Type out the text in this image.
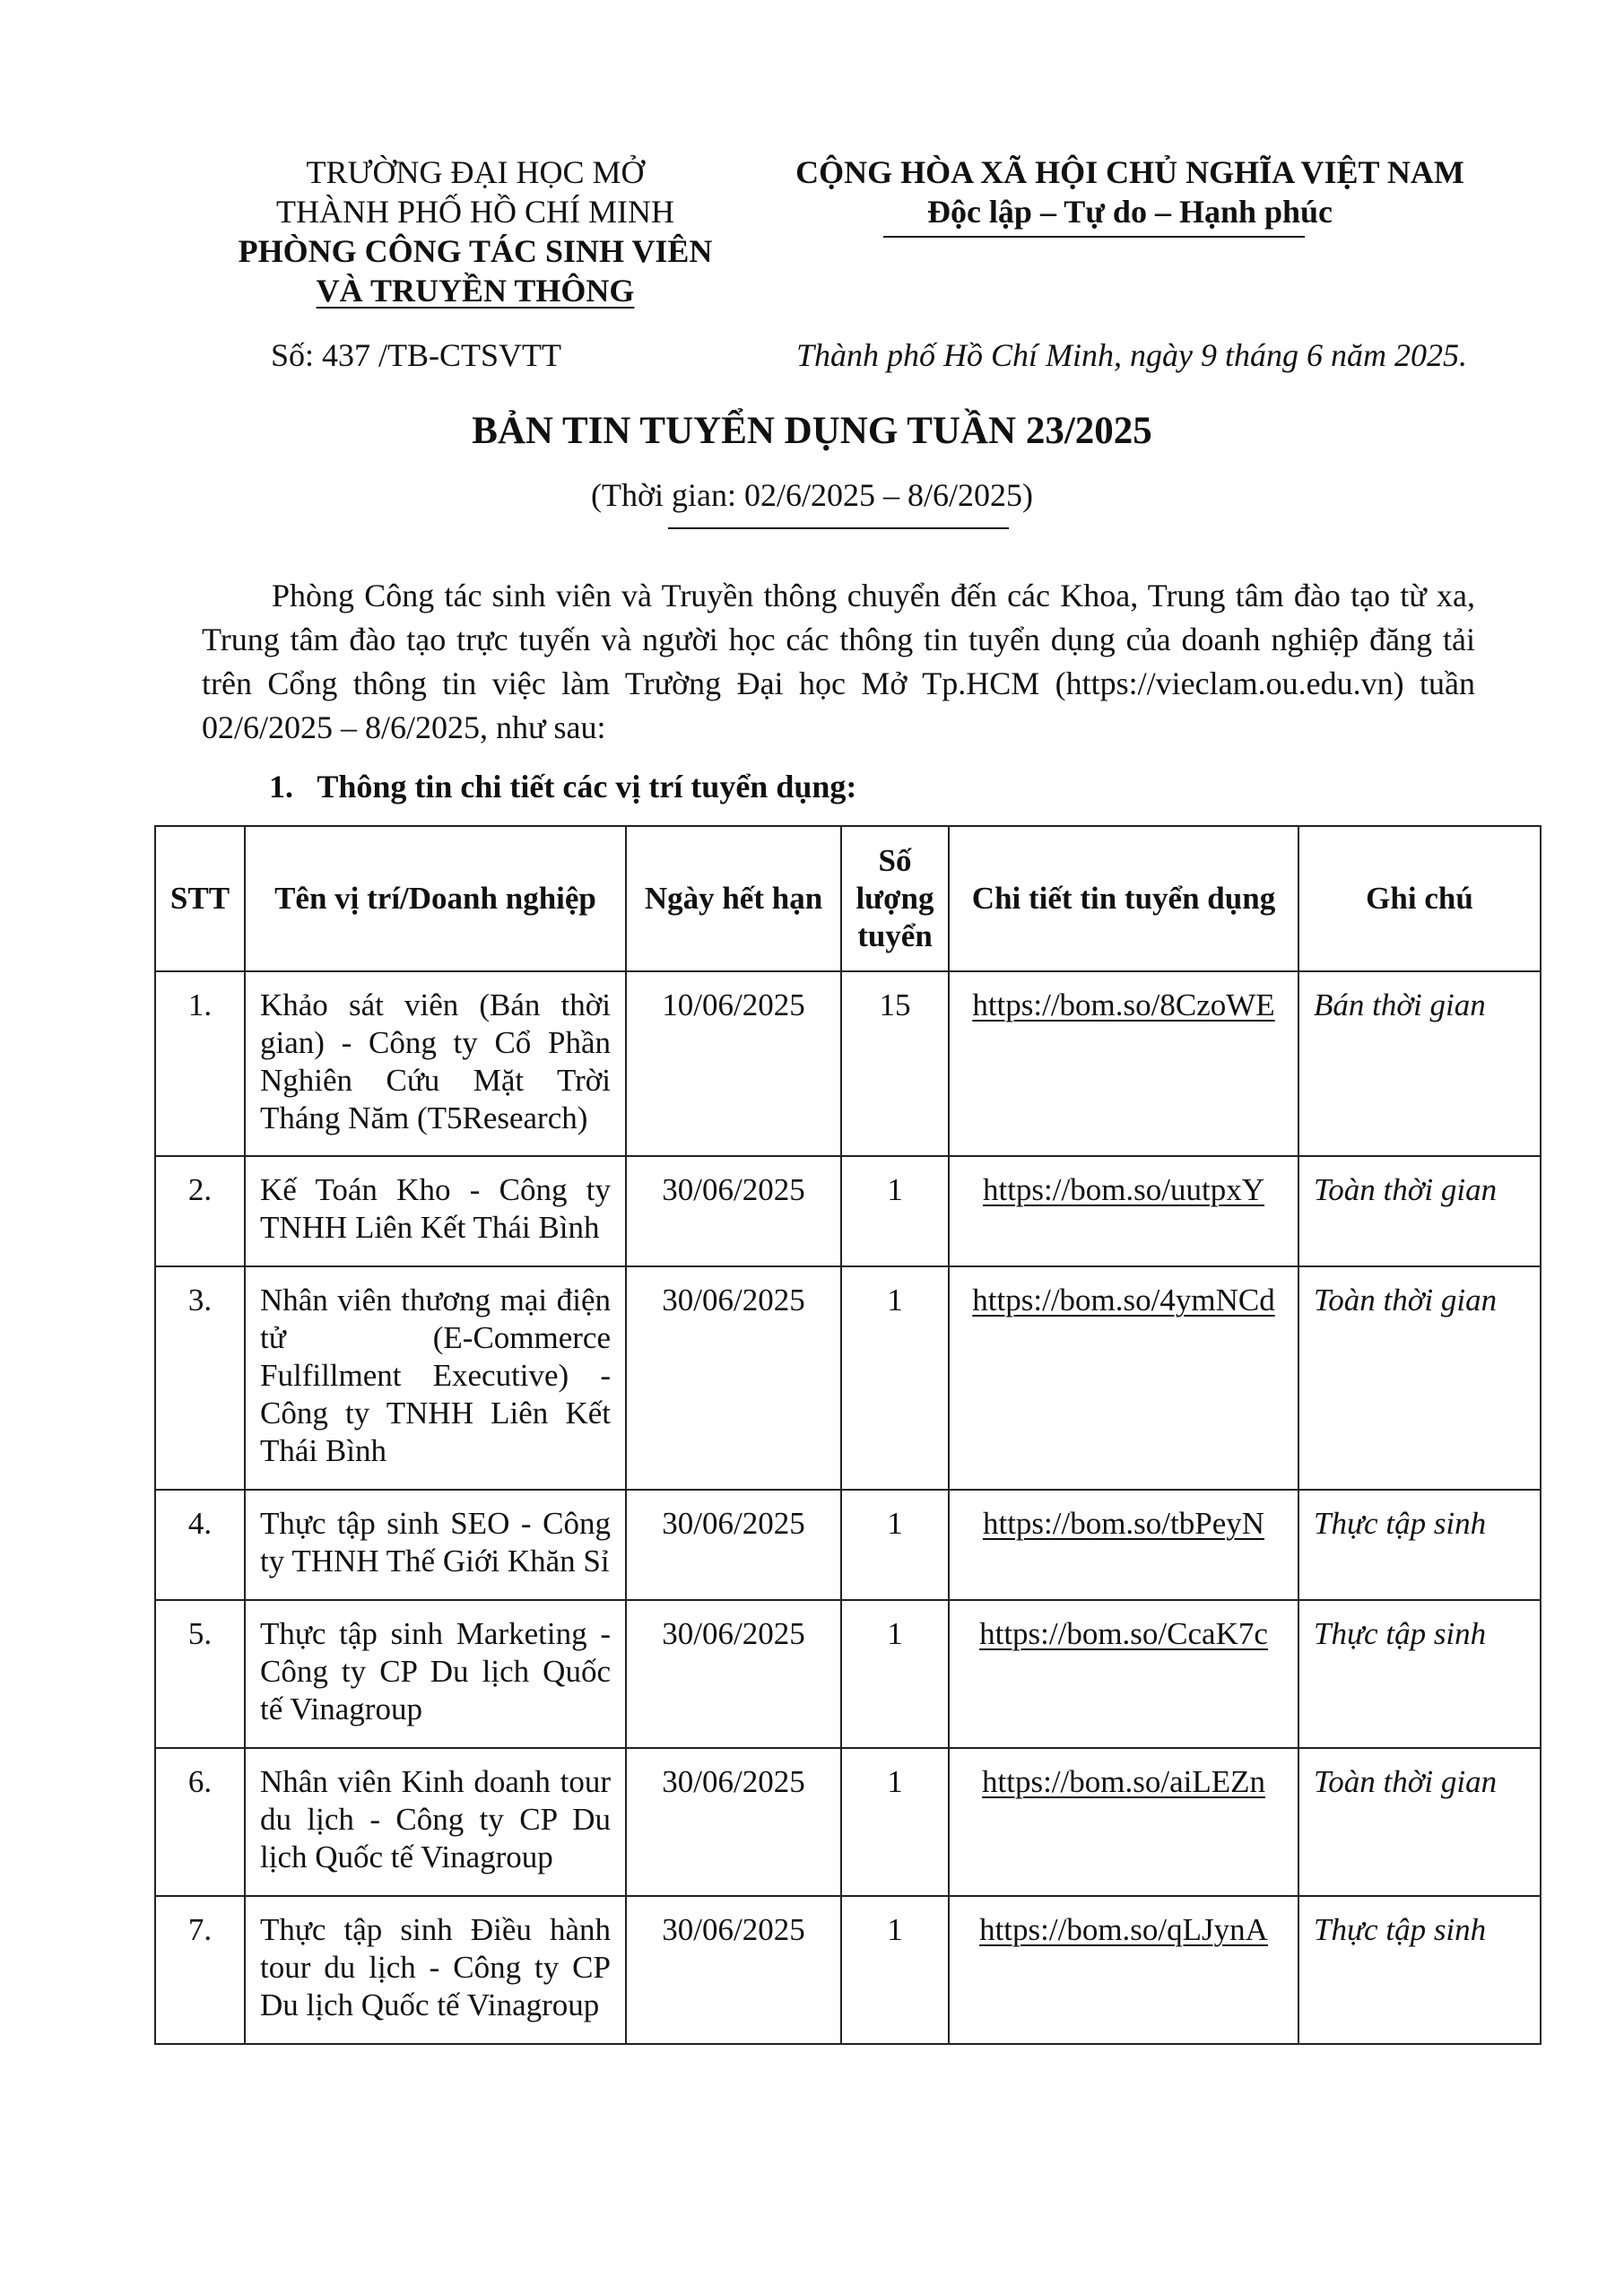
TRƯỜNG ĐẠI HỌC MỞ
THÀNH PHỐ HỒ CHÍ MINH
PHÒNG CÔNG TÁC SINH VIÊN
VÀ TRUYỀN THÔNG
CỘNG HÒA XÃ HỘI CHỦ NGHĨA VIỆT NAM
Độc lập – Tự do – Hạnh phúc
Số: 437 /TB-CTSVTT	Thành phố Hồ Chí Minh, ngày 9 tháng 6 năm 2025.
BẢN TIN TUYỂN DỤNG TUẦN 23/2025
(Thời gian: 02/6/2025 – 8/6/2025)
Phòng Công tác sinh viên và Truyền thông chuyển đến các Khoa, Trung tâm đào tạo từ xa, Trung tâm đào tạo trực tuyến và người học các thông tin tuyển dụng của doanh nghiệp đăng tải trên Cổng thông tin việc làm Trường Đại học Mở Tp.HCM (https://vieclam.ou.edu.vn) tuần 02/6/2025 – 8/6/2025, như sau:
1.   Thông tin chi tiết các vị trí tuyển dụng:
STT	Tên vị trí/Doanh nghiệp	Ngày hết hạn	Số lượng tuyển	Chi tiết tin tuyển dụng	Ghi chú
1.	Khảo sát viên (Bán thời gian) - Công ty Cổ Phần Nghiên Cứu Mặt Trời Tháng Năm (T5Research)	10/06/2025	15	https://bom.so/8CzoWE	Bán thời gian
2.	Kế Toán Kho - Công ty TNHH Liên Kết Thái Bình	30/06/2025	1	https://bom.so/uutpxY	Toàn thời gian
3.	Nhân viên thương mại điện tử (E-Commerce Fulfillment Executive) - Công ty TNHH Liên Kết Thái Bình	30/06/2025	1	https://bom.so/4ymNCd	Toàn thời gian
4.	Thực tập sinh SEO - Công ty THNH Thế Giới Khăn Sỉ	30/06/2025	1	https://bom.so/tbPeyN	Thực tập sinh
5.	Thực tập sinh Marketing - Công ty CP Du lịch Quốc tế Vinagroup	30/06/2025	1	https://bom.so/CcaK7c	Thực tập sinh
6.	Nhân viên Kinh doanh tour du lịch - Công ty CP Du lịch Quốc tế Vinagroup	30/06/2025	1	https://bom.so/aiLEZn	Toàn thời gian
7.	Thực tập sinh Điều hành tour du lịch - Công ty CP Du lịch Quốc tế Vinagroup	30/06/2025	1	https://bom.so/qLJynA	Thực tập sinh
